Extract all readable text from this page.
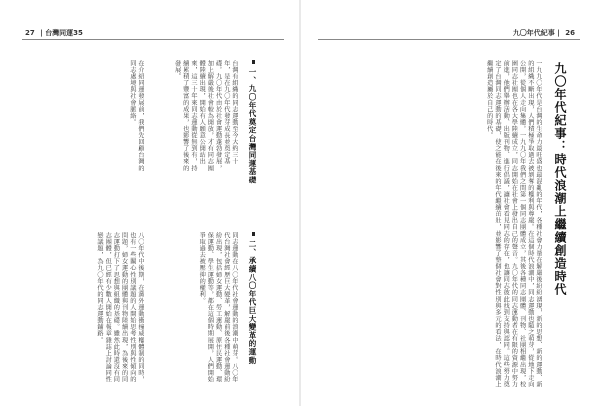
27 | 台灣同運35
一、九〇年代奠定台灣同運基礎
台灣有組織的同志運動至今大約三十年，是在九〇年代發芽成長並奠定基礎。九〇年代由於社會運動蓬勃發展，加上解嚴後社會較為開放，才有同志團體陸續出現，開始有人願意公開站出來，這三十年來同志運動從無到有，持續累積了豐富的成果，也影響了後來的發展。
在介紹同運發展前，我們先回顧台灣的同志處境與社會脈絡。
二、承續八〇年代巨大變革的運動
同志運動在八〇年代社會運動的浪潮中萌芽。八〇年代台灣社會經歷巨大變革，解嚴前後各種社會運動紛紛出現，包括婦女運動、勞工運動、原住民運動、環保運動、學生運動等，都在這個時期展開，人們開始爭取過去被壓抑的權利。
八〇年代中後期，在黨外運動衝撞威權體制的同時，也有一些關心性別議題的人開始思考性別與性傾向的問題，婦女運動的團體與刊物陸續出現，為後來的同志運動打下了思想與組織的基礎。雖然此時還沒有同志團體，但已經有少數人開始在報章雜誌上討論同性戀議題，為九〇年代的同志運動鋪路。
九〇年代紀事 | 26
九〇年代紀事：時代浪潮上繼續創造時代
一九九〇年代是台灣的生命力最旺盛也最混亂的年代，各種社會力量在解嚴後紛紛湧現，新的思想、新的運動、新的組織不斷出現，人們積極爭取過去被剝奪的權利與尊嚴。在這個時代浪潮中，同志運動也隨之萌芽，從地下走向公開，從個人走向集體。一九九〇年我們之間第一個同志團體成立，其後各種同志團體、刊物、社團相繼出現，校園同志社團也在各大學陸續成立，同志開始在社會上發出自己的聲音。九〇年代的同志運動者在有限的資源中努力前進，他們舉辦活動、出版刊物、進行倡議，讓社會看見同志的存在，也讓同志彼此找到支持與認同。這些努力奠定了台灣同志運動的基礎，使之能在後來的年代繼續茁壯，並影響了整個社會對性別與多元的看法，在時代浪潮上繼續創造屬於自己的時代。
